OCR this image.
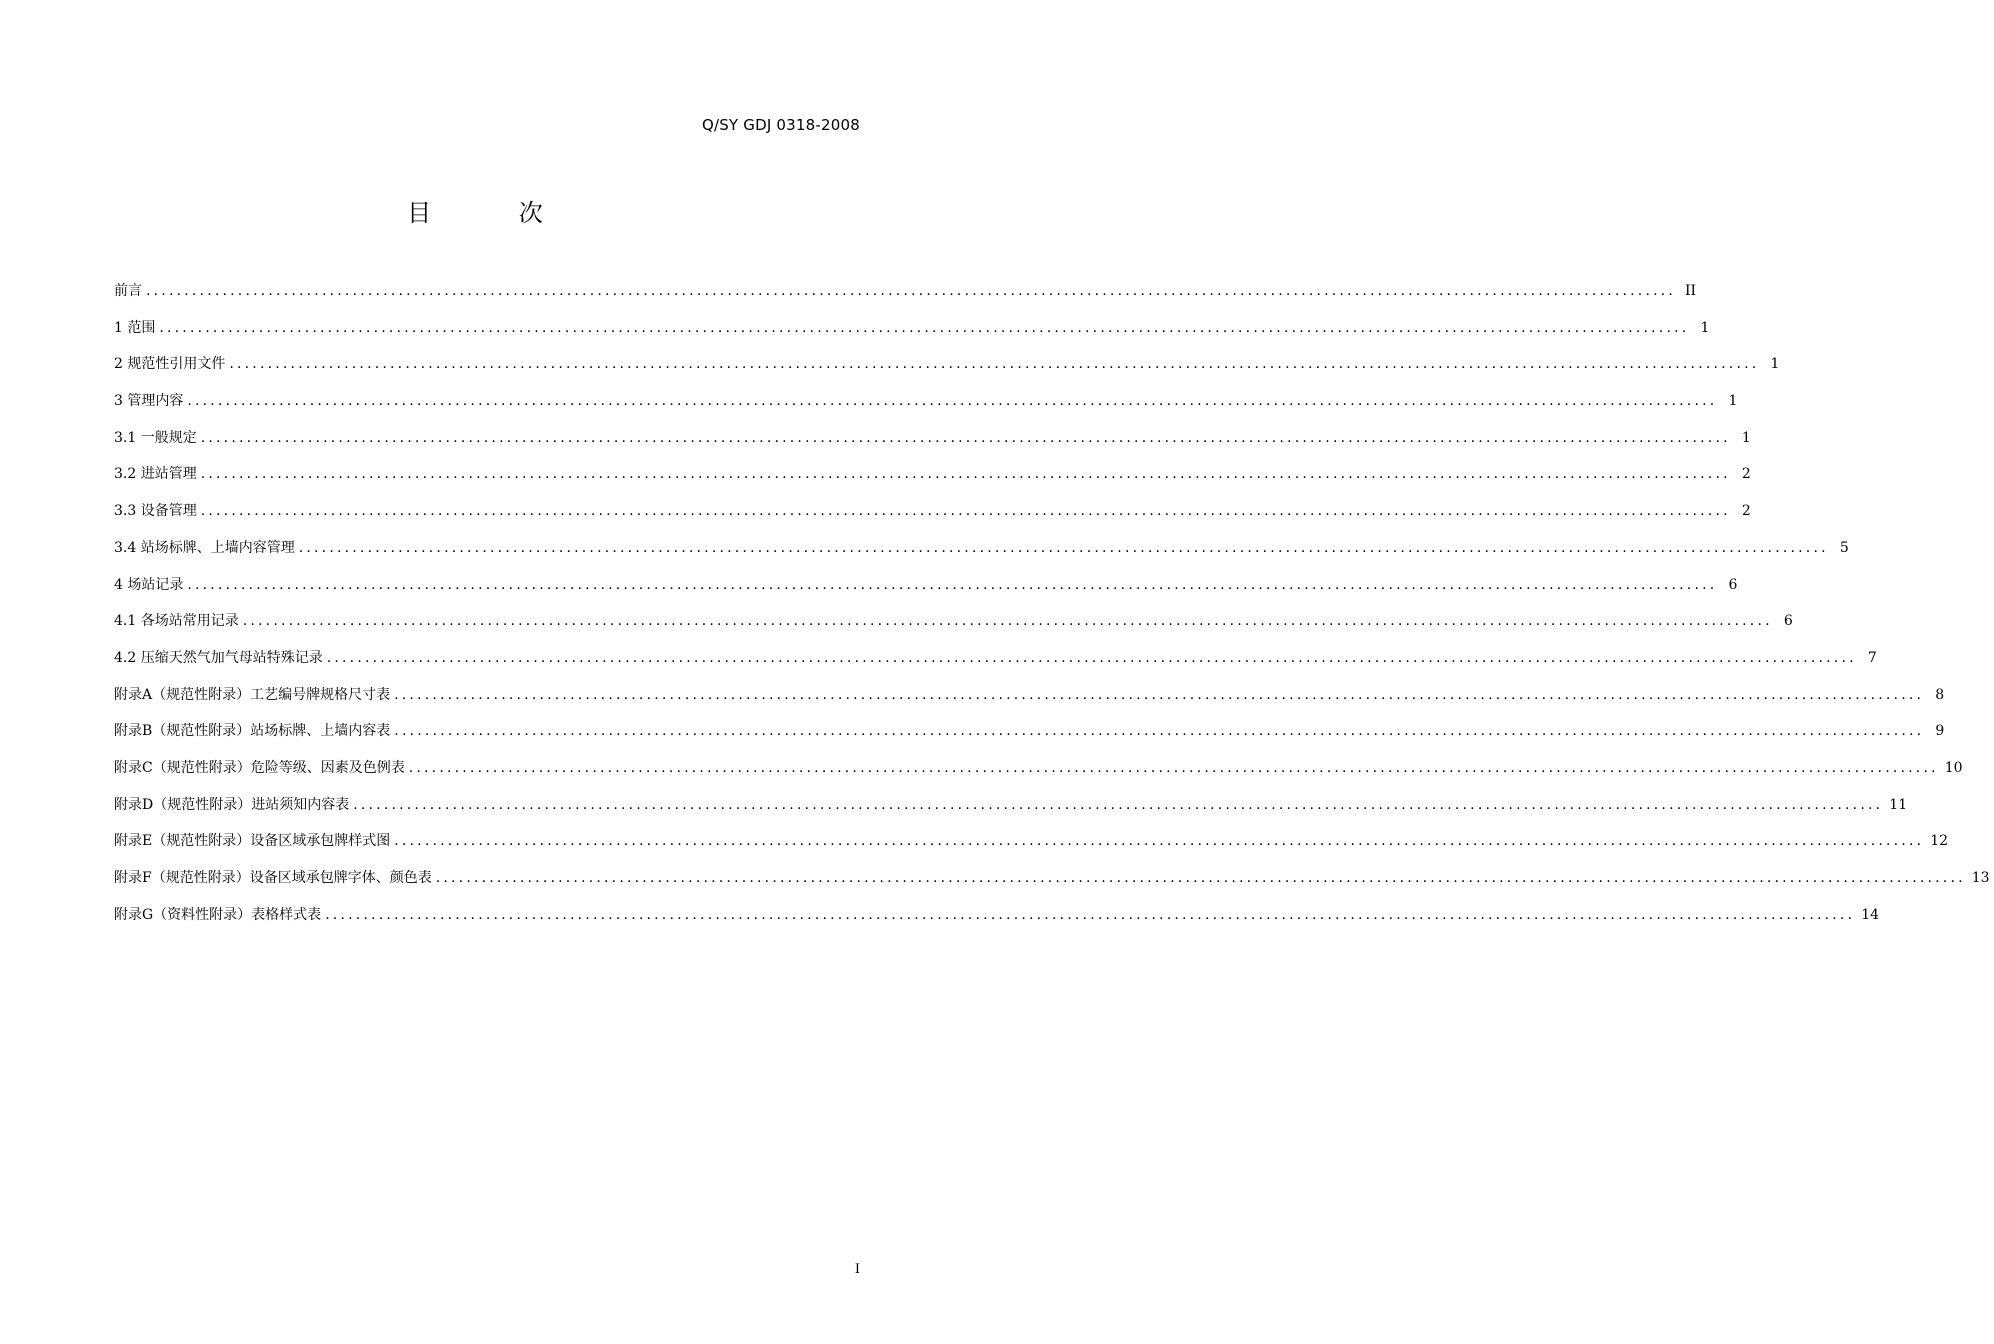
Q/SY GDJ 0318-2008
目 次
前言 ........................................................................................................................................................................................................ II
1 范围 ........................................................................................................................................................................................................ 1
2 规范性引用文件 ........................................................................................................................................................................................................ 1
3 管理内容 ........................................................................................................................................................................................................ 1
3.1 一般规定 ........................................................................................................................................................................................................ 1
3.2 进站管理 ........................................................................................................................................................................................................ 2
3.3 设备管理 ........................................................................................................................................................................................................ 2
3.4 站场标牌、上墙内容管理 ........................................................................................................................................................................................................ 5
4 场站记录 ........................................................................................................................................................................................................ 6
4.1 各场站常用记录 ........................................................................................................................................................................................................ 6
4.2 压缩天然气加气母站特殊记录 ........................................................................................................................................................................................................ 7
附录A（规范性附录）工艺编号牌规格尺寸表 ........................................................................................................................................................................................................ 8
附录B（规范性附录）站场标牌、上墙内容表 ........................................................................................................................................................................................................ 9
附录C（规范性附录）危险等级、因素及色例表 ........................................................................................................................................................................................................ 10
附录D（规范性附录）进站须知内容表 ........................................................................................................................................................................................................ 11
附录E（规范性附录）设备区域承包牌样式图 ........................................................................................................................................................................................................ 12
附录F（规范性附录）设备区域承包牌字体、颜色表 ........................................................................................................................................................................................................ 13
附录G（资料性附录）表格样式表 ........................................................................................................................................................................................................ 14
I
